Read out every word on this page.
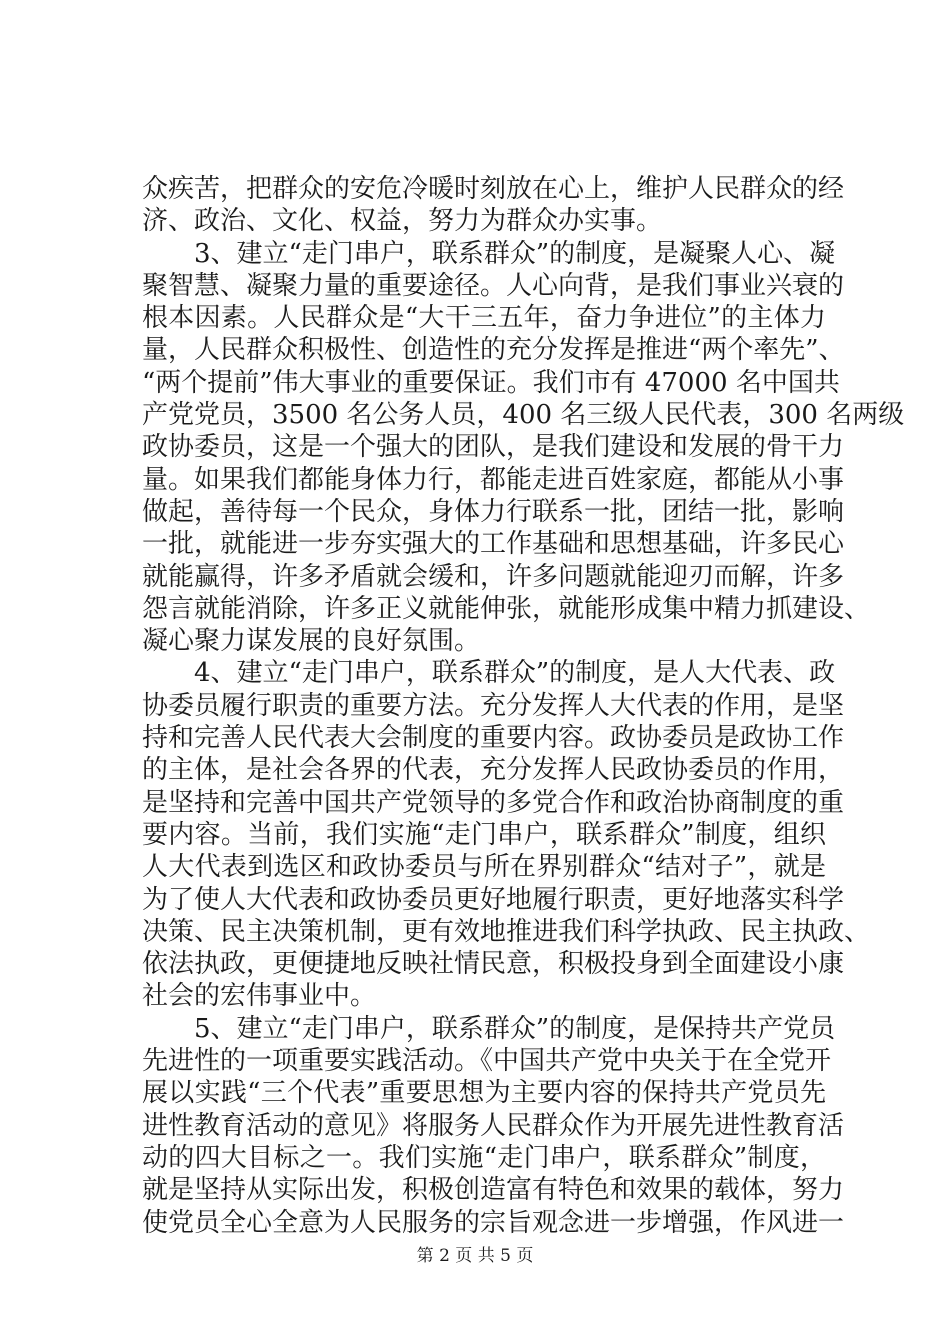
众疾苦，把群众的安危冷暖时刻放在心上，维护人民群众的经
济、政治、文化、权益，努力为群众办实事。
　　3、建立“走门串户，联系群众”的制度，是凝聚人心、凝
聚智慧、凝聚力量的重要途径。人心向背，是我们事业兴衰的
根本因素。人民群众是“大干三五年，奋力争进位”的主体力
量，人民群众积极性、创造性的充分发挥是推进“两个率先”、
“两个提前”伟大事业的重要保证。我们市有 47000 名中国共
产党党员，3500 名公务人员，400 名三级人民代表，300 名两级
政协委员，这是一个强大的团队，是我们建设和发展的骨干力
量。如果我们都能身体力行，都能走进百姓家庭，都能从小事
做起，善待每一个民众，身体力行联系一批，团结一批，影响
一批，就能进一步夯实强大的工作基础和思想基础，许多民心
就能赢得，许多矛盾就会缓和，许多问题就能迎刃而解，许多
怨言就能消除，许多正义就能伸张，就能形成集中精力抓建设、
凝心聚力谋发展的良好氛围。
　　4、建立“走门串户，联系群众”的制度，是人大代表、政
协委员履行职责的重要方法。充分发挥人大代表的作用，是坚
持和完善人民代表大会制度的重要内容。政协委员是政协工作
的主体，是社会各界的代表，充分发挥人民政协委员的作用，
是坚持和完善中国共产党领导的多党合作和政治协商制度的重
要内容。当前，我们实施“走门串户，联系群众”制度，组织
人大代表到选区和政协委员与所在界别群众“结对子”，就是
为了使人大代表和政协委员更好地履行职责，更好地落实科学
决策、民主决策机制，更有效地推进我们科学执政、民主执政、
依法执政，更便捷地反映社情民意，积极投身到全面建设小康
社会的宏伟事业中。
　　5、建立“走门串户，联系群众”的制度，是保持共产党员
先进性的一项重要实践活动。《中国共产党中央关于在全党开
展以实践“三个代表”重要思想为主要内容的保持共产党员先
进性教育活动的意见》将服务人民群众作为开展先进性教育活
动的四大目标之一。我们实施“走门串户，联系群众”制度，
就是坚持从实际出发，积极创造富有特色和效果的载体，努力
使党员全心全意为人民服务的宗旨观念进一步增强，作风进一
第 2 页 共 5 页
